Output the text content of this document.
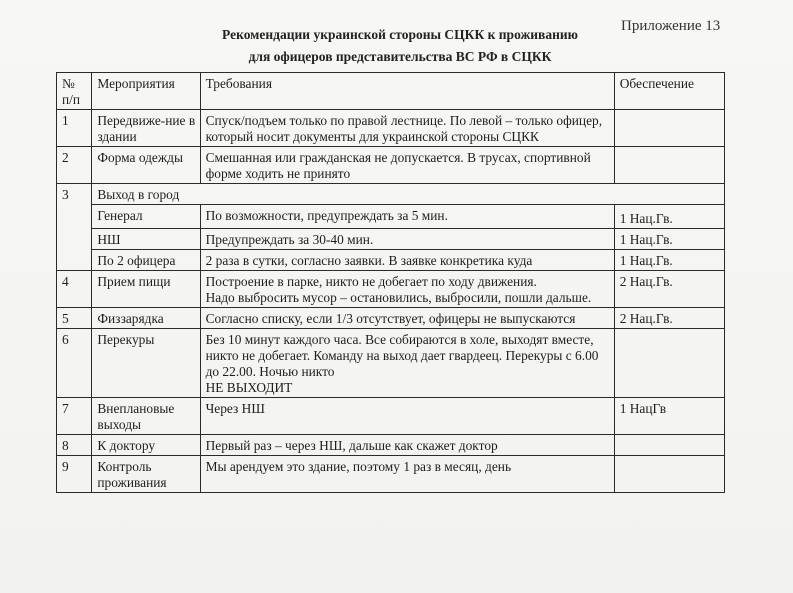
Приложение 13
Рекомендации украинской стороны СЦКК к проживанию
для офицеров представительства ВС РФ в СЦКК
№ п/п	Мероприятия	Требования	Обеспечение
1	Передвиже-ние в здании	Спуск/подъем только по правой лестнице. По левой – только офицер, который носит документы для украинской стороны СЦКК	
2	Форма одежды	Смешанная или гражданская не допускается. В трусах, спортивной форме ходить не принято	
3	Выход в город		
	Генерал	По возможности, предупреждать за 5 мин.	1 Нац.Гв.
	НШ	Предупреждать за 30-40 мин.	1 Нац.Гв.
	По 2 офицера	2 раза в сутки, согласно заявки. В заявке конкретика куда	1 Нац.Гв.
4	Прием пищи	Построение в парке, никто не добегает по ходу движения.
Надо выбросить мусор – остановились, выбросили, пошли дальше.	2 Нац.Гв.
5	Физзарядка	Согласно списку, если 1/3 отсутствует, офицеры не выпускаются	2 Нац.Гв.
6	Перекуры	Без 10 минут каждого часа. Все собираются в холе, выходят вместе, никто не добегает. Команду на выход дает гвардеец. Перекуры с 6.00 до 22.00. Ночью никто
НЕ ВЫХОДИТ	

7	Внеплановые выходы	Через НШ	1 НацГв
8	К доктору	Первый раз – через НШ, дальше как скажет доктор	
9	Контроль проживания	Мы арендуем это здание, поэтому 1 раз в месяц, день	
